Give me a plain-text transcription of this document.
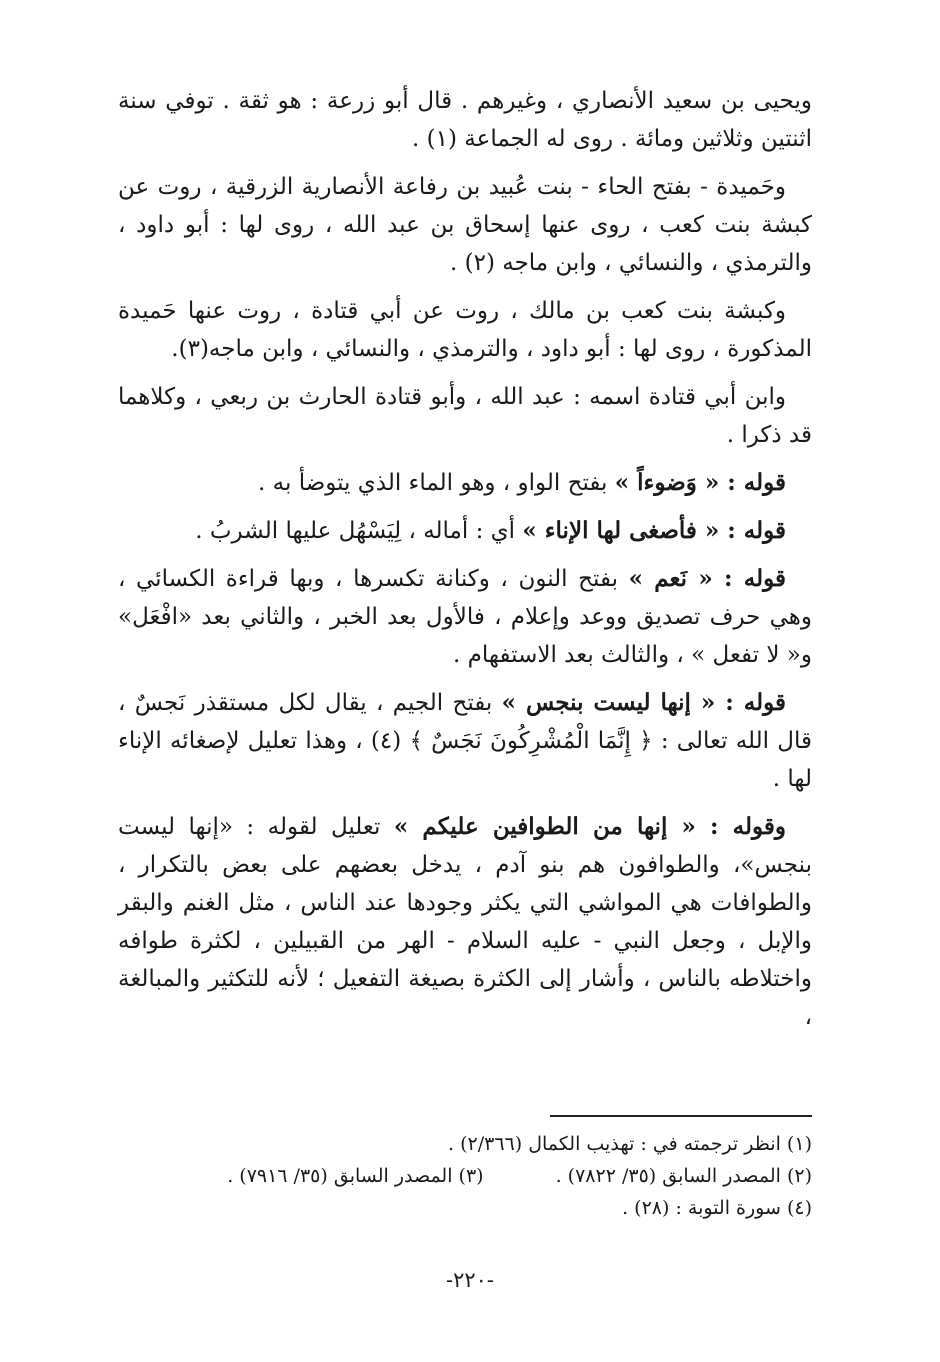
ويحيى بن سعيد الأنصاري ، وغيرهم . قال أبو زرعة : هو ثقة . توفي سنة اثنتين وثلاثين ومائة . روى له الجماعة (١) .

وحَميدة - بفتح الحاء - بنت عُبيد بن رفاعة الأنصارية الزرقية ، روت عن كبشة بنت كعب ، روى عنها إسحاق بن عبد الله ، روى لها : أبو داود ، والترمذي ، والنسائي ، وابن ماجه (٢) .

وكبشة بنت كعب بن مالك ، روت عن أبي قتادة ، روت عنها حَميدة المذكورة ، روى لها : أبو داود ، والترمذي ، والنسائي ، وابن ماجه(٣).

وابن أبي قتادة اسمه : عبد الله ، وأبو قتادة الحارث بن ربعي ، وكلاهما قد ذكرا .

قوله : « وَضوءاً » بفتح الواو ، وهو الماء الذي يتوضأ به .

قوله : « فأصغى لها الإناء » أي : أماله ، لِيَسْهُل عليها الشربُ .

قوله : « نَعم » بفتح النون ، وكنانة تكسرها ، وبها قراءة الكسائي ، وهي حرف تصديق ووعد وإعلام ، فالأول بعد الخبر ، والثاني بعد «افْعَل» و« لا تفعل » ، والثالث بعد الاستفهام .

قوله : « إنها ليست بنجس » بفتح الجيم ، يقال لكل مستقذر نَجسٌ ، قال الله تعالى : ﴿ إِنَّمَا الْمُشْرِكُونَ نَجَسٌ ﴾ (٤) ، وهذا تعليل لإصغائه الإناء لها .

وقوله : « إنها من الطوافين عليكم » تعليل لقوله : «إنها ليست بنجس»، والطوافون هم بنو آدم ، يدخل بعضهم على بعض بالتكرار ، والطوافات هي المواشي التي يكثر وجودها عند الناس ، مثل الغنم والبقر والإبل ، وجعل النبي - عليه السلام - الهر من القبيلين ، لكثرة طوافه واختلاطه بالناس ، وأشار إلى الكثرة بصيغة التفعيل ؛ لأنه للتكثير والمبالغة ،

(١) انظر ترجمته في : تهذيب الكمال (٢/٣٦٦) .

(٢) المصدر السابق (٣٥/ ٧٨٢٢) .

(٣) المصدر السابق (٣٥/ ٧٩١٦) .

(٤) سورة التوبة : (٢٨) .

-٢٢٠-
